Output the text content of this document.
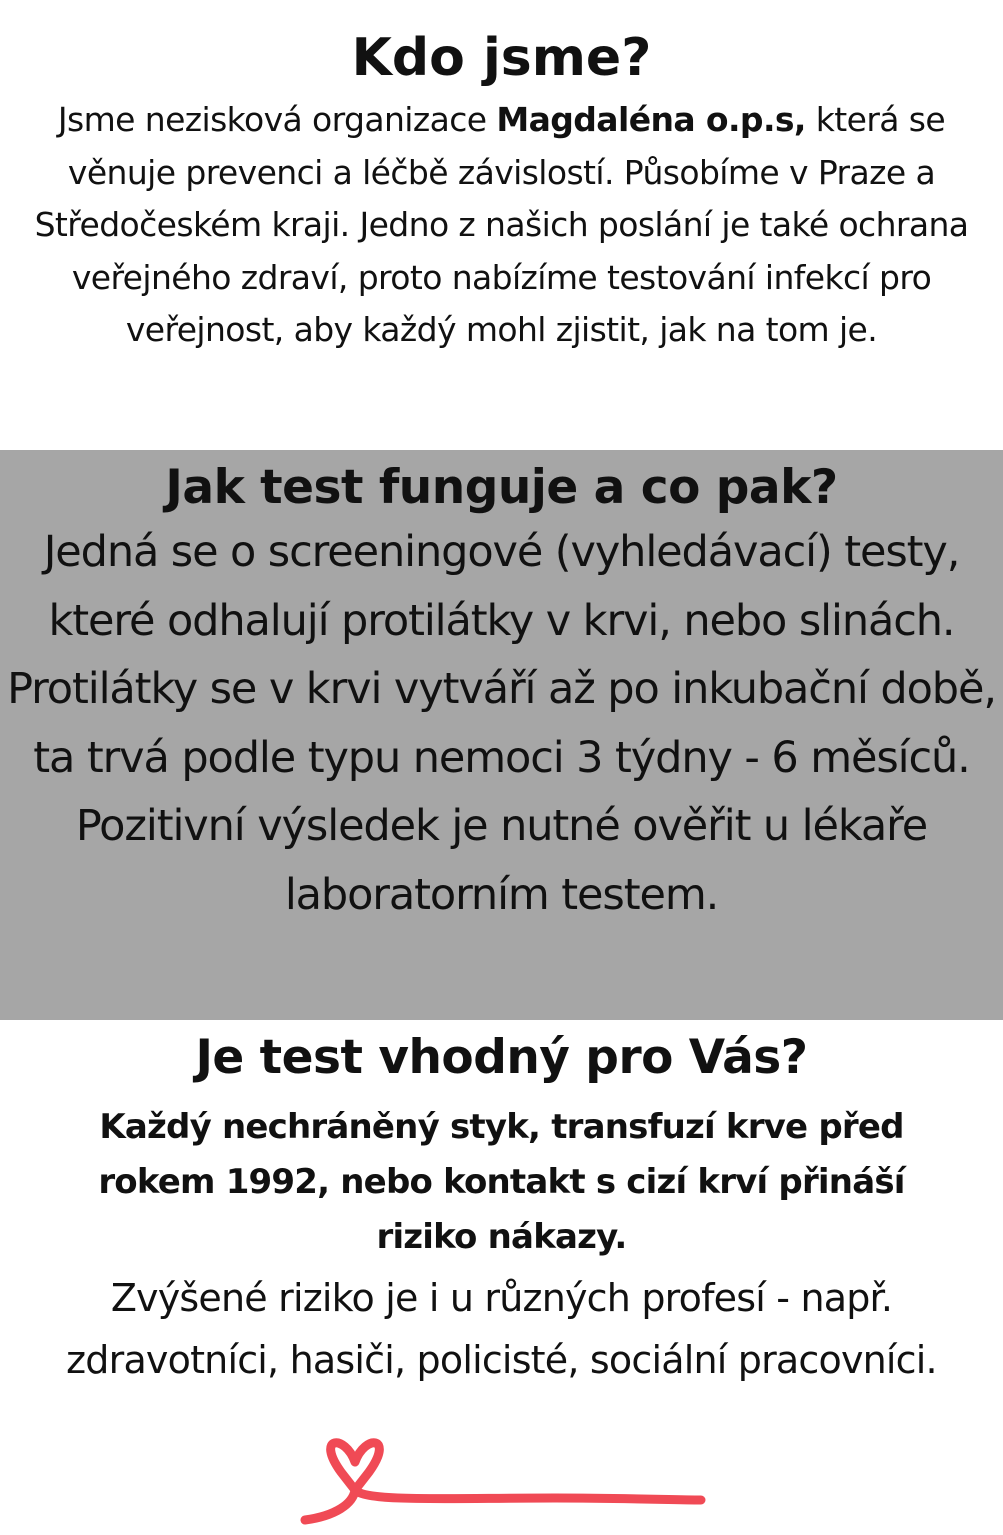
Kdo jsme?

Jsme nezisková organizace Magdaléna o.p.s, která se věnuje prevenci a léčbě závislostí. Působíme v Praze a Středočeském kraji. Jedno z našich poslání je také ochrana veřejného zdraví, proto nabízíme testování infekcí pro veřejnost, aby každý mohl zjistit, jak na tom je.

Jak test funguje a co pak?

Jedná se o screeningové (vyhledávací) testy, které odhalují protilátky v krvi, nebo slinách. Protilátky se v krvi vytváří až po inkubační době, ta trvá podle typu nemoci 3 týdny - 6 měsíců.

Pozitivní výsledek je nutné ověřit u lékaře laboratorním testem.

Je test vhodný pro Vás?

Každý nechráněný styk, transfuzí krve před rokem 1992, nebo kontakt s cizí krví přináší riziko nákazy.

Zvýšené riziko je i u různých profesí - např. zdravotníci, hasiči, policisté, sociální pracovníci.
